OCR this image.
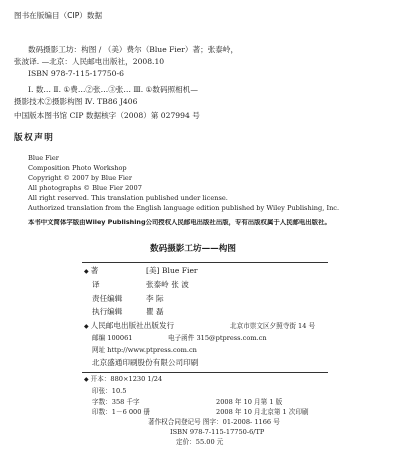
图书在版编目（CIP）数据
数码摄影工坊：构图 / （美）费尔（Blue Fier）著；张泰岭，
张波译. —北京：人民邮电出版社，2008.10
ISBN 978-7-115-17750-6
Ⅰ. 数… Ⅱ. ①费…②张…③张… Ⅲ. ①数码照相机—
摄影技术②摄影构图 Ⅳ. TB86 J406
中国版本图书馆 CIP 数据核字（2008）第 027994 号
版权声明
Blue Fier
Composition Photo Workshop
Copyright © 2007 by Blue Fier
All photographs © Blue Fier 2007
All right reserved. This translation published under license.
Authorized translation from the English language edition published by Wiley Publishing, Inc.
本书中文简体字版由Wiley Publishing公司授权人民邮电出版社出版，专有出版权属于人民邮电出版社。
数码摄影工坊——构图
◆ 著	[美] Blue Fier
译	张泰岭 张 波
责任编辑	李 际
执行编辑	瞿 磊
◆ 人民邮电出版社出版发行	北京市崇文区夕照寺街 14 号
邮编 100061	电子函件 315@ptpress.com.cn
网址 http://www.ptpress.com.cn
北京盛通印刷股份有限公司印刷
◆ 开本：880×1230 1/24
印张：10.5
字数：358 千字	2008 年 10 月第 1 版
印数：1－6 000 册	2008 年 10 月北京第 1 次印刷
著作权合同登记号 图字：01-2008- 1166 号
ISBN 978-7-115-17750-6/TP
定价：55.00 元
